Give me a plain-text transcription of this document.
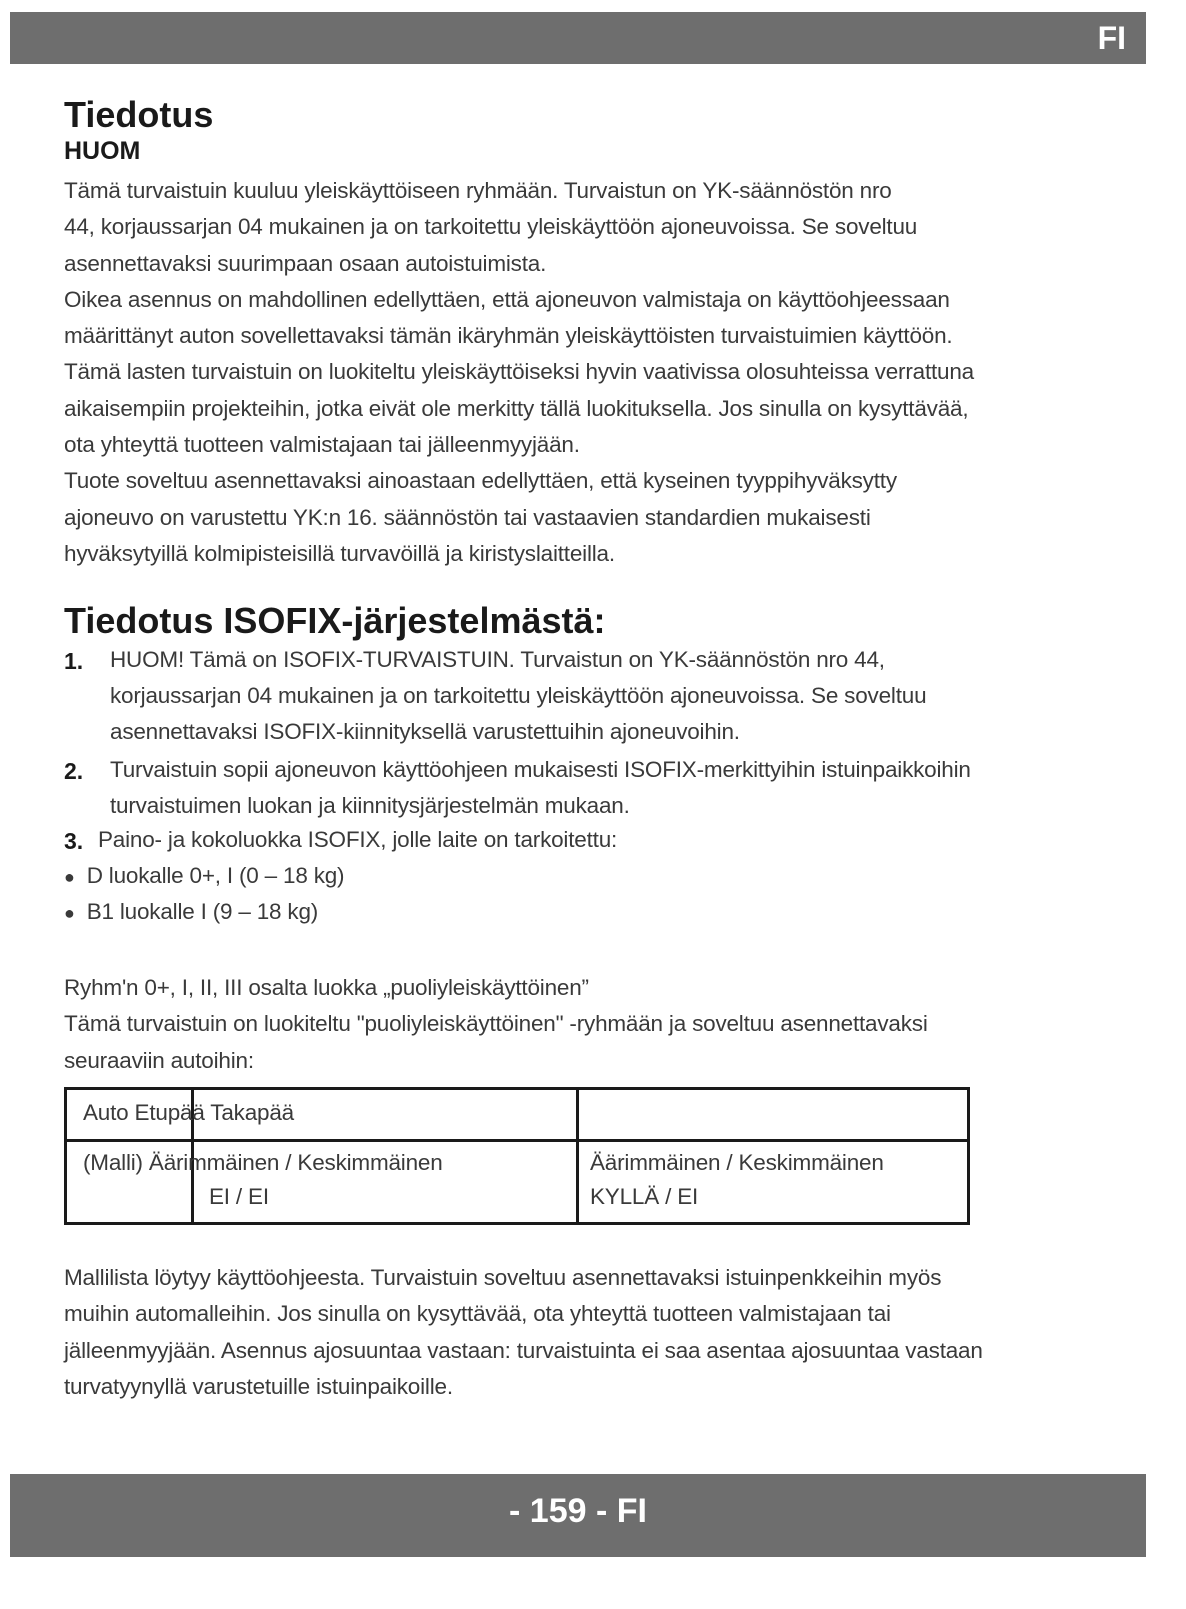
FI
Tiedotus
HUOM
Tämä turvaistuin kuuluu yleiskäyttöiseen ryhmään. Turvaistun on YK-säännöstön nro
44, korjaussarjan 04 mukainen ja on tarkoitettu yleiskäyttöön ajoneuvoissa. Se soveltuu
asennettavaksi suurimpaan osaan autoistuimista.
Oikea asennus on mahdollinen edellyttäen, että ajoneuvon valmistaja on käyttöohjeessaan
määrittänyt auton sovellettavaksi tämän ikäryhmän yleiskäyttöisten turvaistuimien käyttöön.
Tämä lasten turvaistuin on luokiteltu yleiskäyttöiseksi hyvin vaativissa olosuhteissa verrattuna
aikaisempiin projekteihin, jotka eivät ole merkitty tällä luokituksella. Jos sinulla on kysyttävää,
ota yhteyttä tuotteen valmistajaan tai jälleenmyyjään.
Tuote soveltuu asennettavaksi ainoastaan edellyttäen, että kyseinen tyyppihyväksytty
ajoneuvo on varustettu YK:n 16. säännöstön tai vastaavien standardien mukaisesti
hyväksytyillä kolmipisteisillä turvavöillä ja kiristyslaitteilla.
Tiedotus ISOFIX-järjestelmästä:
1. HUOM! Tämä on ISOFIX-TURVAISTUIN. Turvaistun on YK-säännöstön nro 44,
korjaussarjan 04 mukainen ja on tarkoitettu yleiskäyttöön ajoneuvoissa. Se soveltuu
asennettavaksi ISOFIX-kiinnityksellä varustettuihin ajoneuvoihin.
2. Turvaistuin sopii ajoneuvon käyttöohjeen mukaisesti ISOFIX-merkittyihin istuinpaikkoihin
turvaistuimen luokan ja kiinnitysjärjestelmän mukaan.
3. Paino- ja kokoluokka ISOFIX, jolle laite on tarkoitettu:
● D luokalle 0+, I (0 – 18 kg)
● B1 luokalle I (9 – 18 kg)
Ryhm'n 0+, I, II, III osalta luokka „puoliyleiskäyttöinen”
Tämä turvaistuin on luokiteltu "puoliyleiskäyttöinen" -ryhmään ja soveltuu asennettavaksi
seuraaviin autoihin:
Auto Etupää Takapää
(Malli) Äärimmäinen / Keskimmäinen
EI / EI
Äärimmäinen / Keskimmäinen
KYLLÄ / EI
Mallilista löytyy käyttöohjeesta. Turvaistuin soveltuu asennettavaksi istuinpenkkeihin myös
muihin automalleihin. Jos sinulla on kysyttävää, ota yhteyttä tuotteen valmistajaan tai
jälleenmyyjään. Asennus ajosuuntaa vastaan: turvaistuinta ei saa asentaa ajosuuntaa vastaan
turvatyynyllä varustetuille istuinpaikoille.
- 159 - FI
